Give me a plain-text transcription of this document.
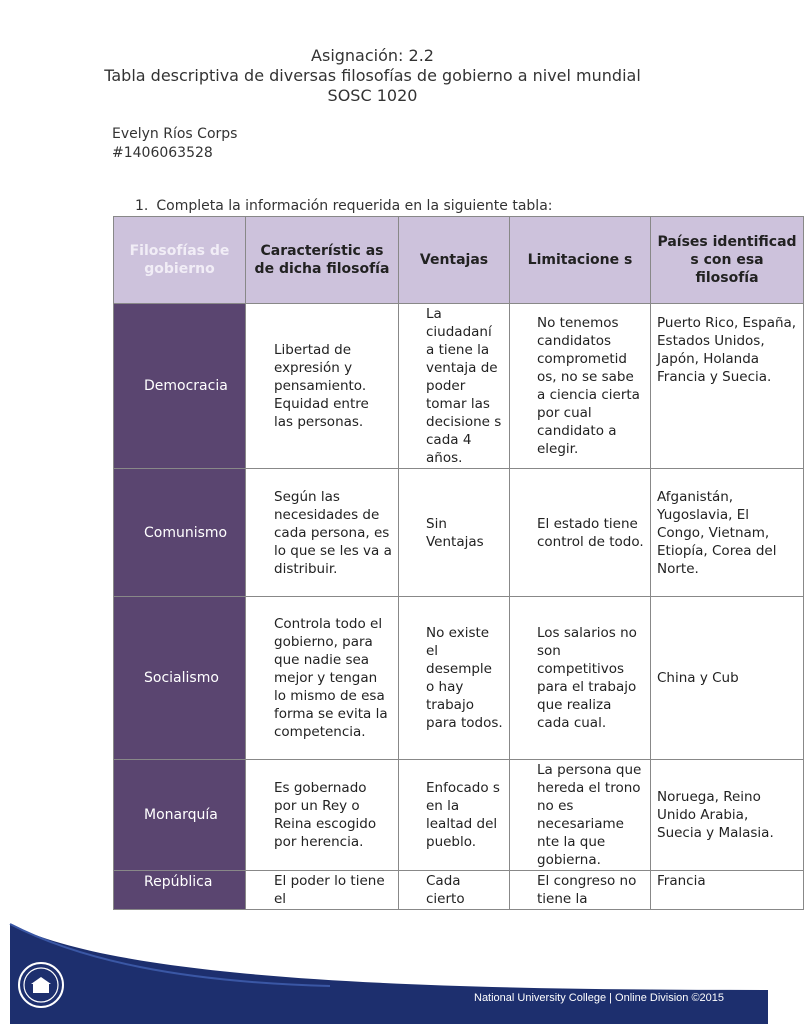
Asignación: 2.2
Tabla descriptiva de diversas filosofías de gobierno a nivel mundial
SOSC 1020
Evelyn Ríos Corps
#1406063528
1. Completa la información requerida en la siguiente tabla:
Filosofías de gobierno	Característic as de dicha filosofía	Ventajas	Limitacione s	Países identificad s con esa filosofía
Democracia	Libertad de expresión y pensamiento. Equidad entre las personas.	La ciudadaní a tiene la ventaja de poder tomar las decisione s cada 4 años.	No tenemos candidatos comprometid os, no se sabe a ciencia cierta por cual candidato a elegir.	Puerto Rico, España, Estados Unidos, Japón, Holanda Francia y Suecia.
Comunismo	Según las necesidades de cada persona, es lo que se les va a distribuir.	Sin Ventajas	El estado tiene control de todo.	Afganistán, Yugoslavia, El Congo, Vietnam, Etiopía, Corea del Norte.
Socialismo	Controla todo el gobierno, para que nadie sea mejor y tengan lo mismo de esa forma se evita la competencia.	No existe el desemple o hay trabajo para todos.	Los salarios no son competitivos para el trabajo que realiza cada cual.	China y Cub
Monarquía	Es gobernado por un Rey o Reina escogido por herencia.	Enfocado s en la lealtad del pueblo.	La persona que hereda el trono no es necesariame nte la que gobierna.	Noruega, Reino Unido Arabia, Suecia y Malasia.
República	El poder lo tiene el	Cada cierto	El congreso no tiene la	Francia
National University College | Online Division ©2015
